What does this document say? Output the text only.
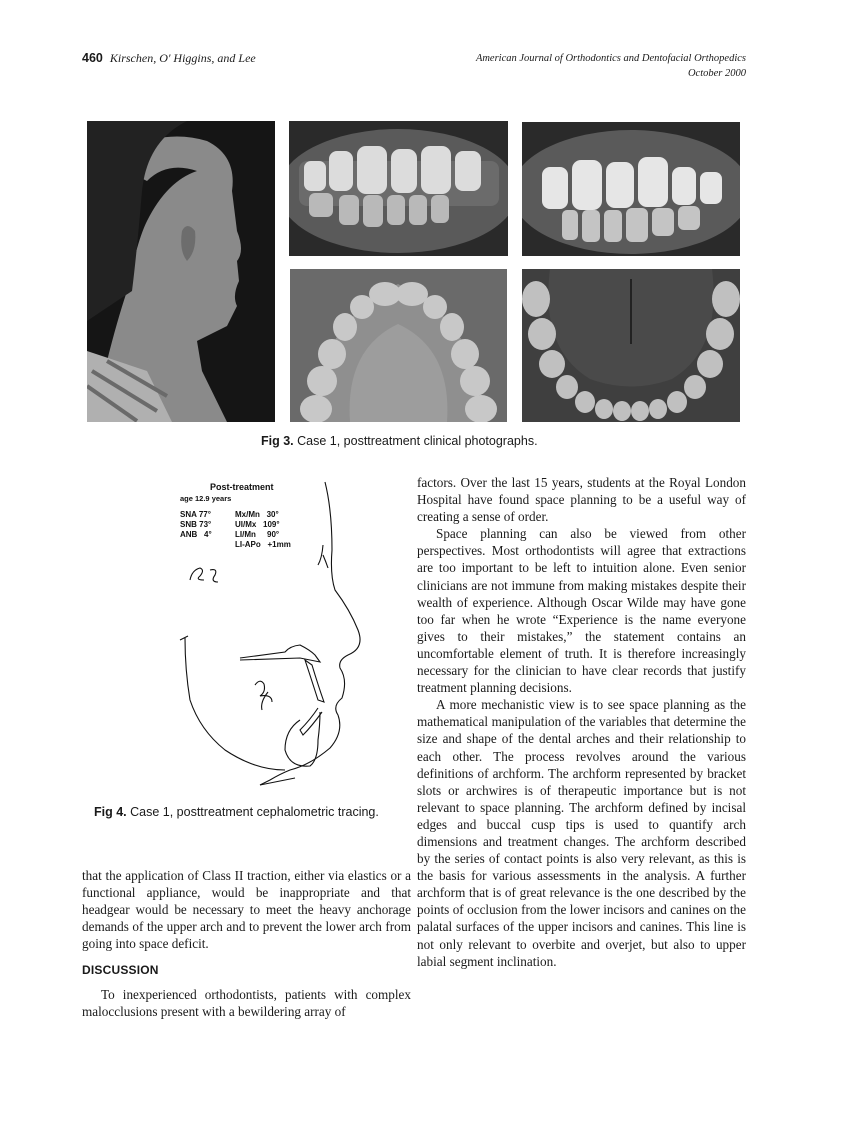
460 Kirschen, O' Higgins, and Lee	American Journal of Orthodontics and Dentofacial Orthopedics
October 2000
Fig 3. Case 1, posttreatment clinical photographs.
Post-treatment
age 12.9 years
SNA 77°
SNB 73°
ANB 4°
Mx/Mn 30°
UI/Mx 109°
LI/Mn 90°
LI-APo +1mm
Fig 4. Case 1, posttreatment cephalometric tracing.

that the application of Class II traction, either via elastics or a functional appliance, would be inappropriate and that headgear would be necessary to meet the heavy anchorage demands of the upper arch and to prevent the lower arch from going into space deficit.

DISCUSSION

To inexperienced orthodontists, patients with complex malocclusions present with a bewildering array of

factors. Over the last 15 years, students at the Royal London Hospital have found space planning to be a useful way of creating a sense of order.

Space planning can also be viewed from other perspectives. Most orthodontists will agree that extractions are too important to be left to intuition alone. Even senior clinicians are not immune from making mistakes despite their wealth of experience. Although Oscar Wilde may have gone too far when he wrote “Experience is the name everyone gives to their mistakes,” the statement contains an uncomfortable element of truth. It is therefore increasingly necessary for the clinician to have clear records that justify treatment planning decisions.

A more mechanistic view is to see space planning as the mathematical manipulation of the variables that determine the size and shape of the dental arches and their relationship to each other. The process revolves around the various definitions of archform. The archform represented by bracket slots or archwires is of therapeutic importance but is not relevant to space planning. The archform defined by incisal edges and buccal cusp tips is used to quantify arch dimensions and treatment changes. The archform described by the series of contact points is also very relevant, as this is the basis for various assessments in the analysis. A further archform that is of great relevance is the one described by the points of occlusion from the lower incisors and canines on the palatal surfaces of the upper incisors and canines. This line is not only relevant to overbite and overjet, but also to upper labial segment inclination.
